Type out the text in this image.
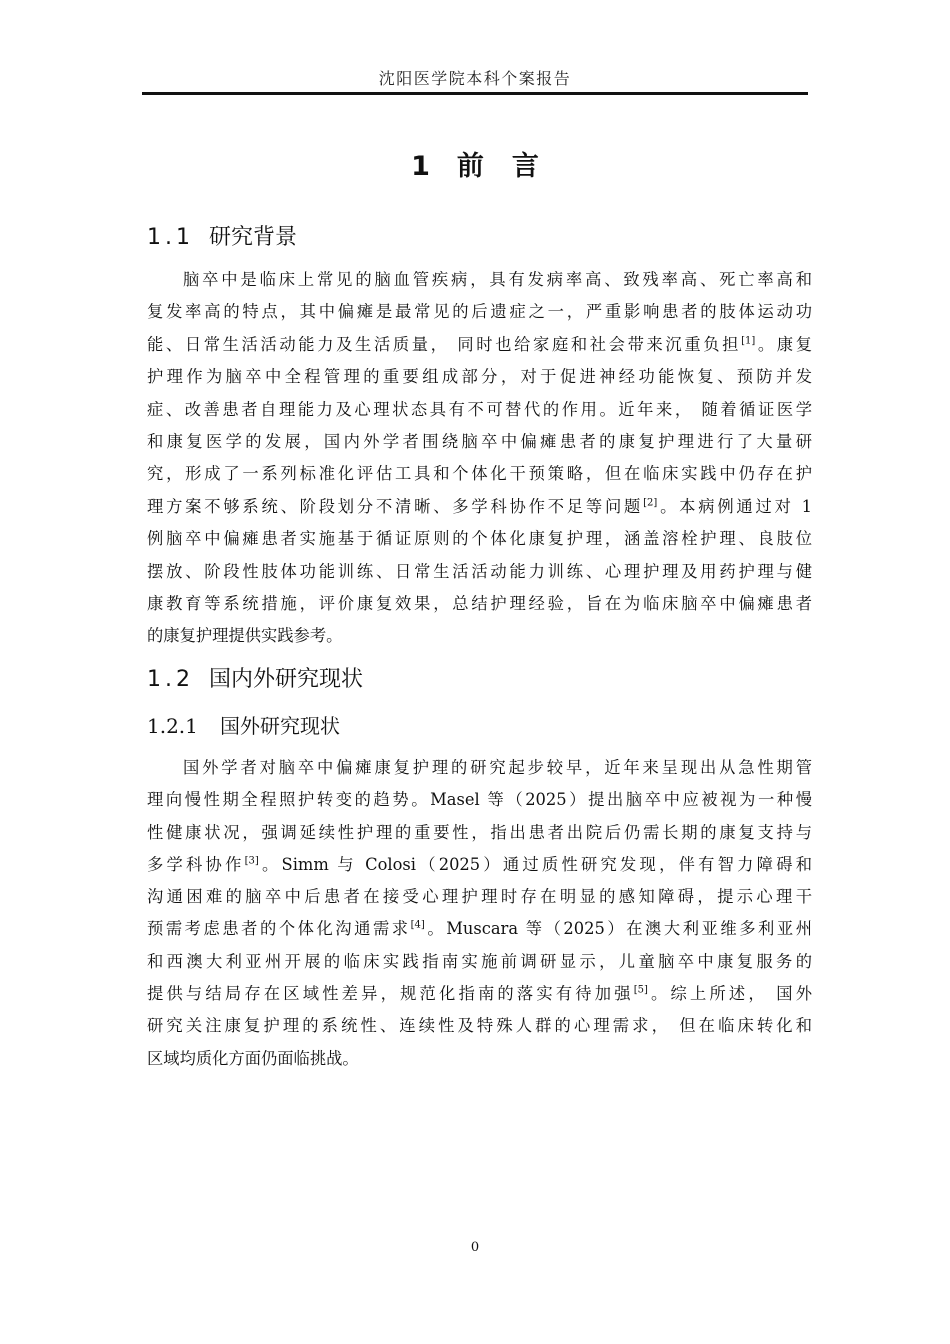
沈阳医学院本科个案报告
1 前言
1.1 研究背景
脑卒中是临床上常见的脑血管疾病，具有发病率高、致残率高、死亡率高和
复发率高的特点，其中偏瘫是最常见的后遗症之一，严重影响患者的肢体运动功
能、日常生活活动能力及生活质量， 同时也给家庭和社会带来沉重负担[1]。康复
护理作为脑卒中全程管理的重要组成部分，对于促进神经功能恢复、预防并发
症、改善患者自理能力及心理状态具有不可替代的作用。近年来， 随着循证医学
和康复医学的发展，国内外学者围绕脑卒中偏瘫患者的康复护理进行了大量研
究，形成了一系列标准化评估工具和个体化干预策略，但在临床实践中仍存在护
理方案不够系统、阶段划分不清晰、多学科协作不足等问题[2]。本病例通过对 1
例脑卒中偏瘫患者实施基于循证原则的个体化康复护理，涵盖溶栓护理、良肢位
摆放、阶段性肢体功能训练、日常生活活动能力训练、心理护理及用药护理与健
康教育等系统措施，评价康复效果，总结护理经验，旨在为临床脑卒中偏瘫患者
的康复护理提供实践参考。
1.2 国内外研究现状
1.2.1 国外研究现状
国外学者对脑卒中偏瘫康复护理的研究起步较早，近年来呈现出从急性期管
理向慢性期全程照护转变的趋势。Masel 等（2025）提出脑卒中应被视为一种慢
性健康状况，强调延续性护理的重要性，指出患者出院后仍需长期的康复支持与
多学科协作[3]。Simm 与 Colosi（2025）通过质性研究发现，伴有智力障碍和
沟通困难的脑卒中后患者在接受心理护理时存在明显的感知障碍，提示心理干
预需考虑患者的个体化沟通需求[4]。Muscara 等（2025）在澳大利亚维多利亚州
和西澳大利亚州开展的临床实践指南实施前调研显示，儿童脑卒中康复服务的
提供与结局存在区域性差异，规范化指南的落实有待加强[5]。综上所述， 国外
研究关注康复护理的系统性、连续性及特殊人群的心理需求， 但在临床转化和
区域均质化方面仍面临挑战。
0
